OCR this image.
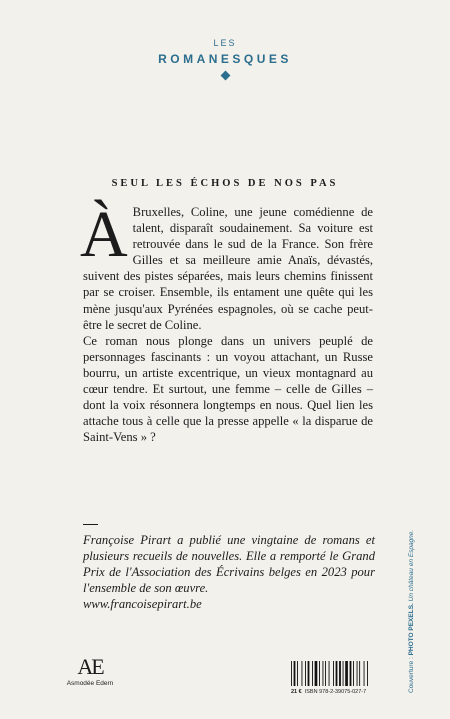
LES
ROMANESQUES
SEUL LES ÉCHOS DE NOS PAS

À Bruxelles, Coline, une jeune comédienne de talent, disparaît soudainement. Sa voiture est retrouvée dans le sud de la France. Son frère Gilles et sa meilleure amie Anaïs, dévastés, suivent des pistes séparées, mais leurs chemins finissent par se croiser. Ensemble, ils entament une quête qui les mène jusqu'aux Pyrénées espagnoles, où se cache peut-être le secret de Coline.

Ce roman nous plonge dans un univers peuplé de personnages fascinants : un voyou attachant, un Russe bourru, un artiste excentrique, un vieux montagnard au cœur tendre. Et surtout, une femme – celle de Gilles – dont la voix résonnera longtemps en nous. Quel lien les attache tous à celle que la presse appelle « la disparue de Saint-Vens » ?

Françoise Pirart a publié une vingtaine de romans et plusieurs recueils de nouvelles. Elle a remporté le Grand Prix de l'Association des Écrivains belges en 2023 pour l'ensemble de son œuvre.

www.francoisepirart.be

Couverture : PHOTO PEXELS. Un château en Espagne.
AE
Asmodée Edern
21 € ISBN 978-2-39075-027-7
